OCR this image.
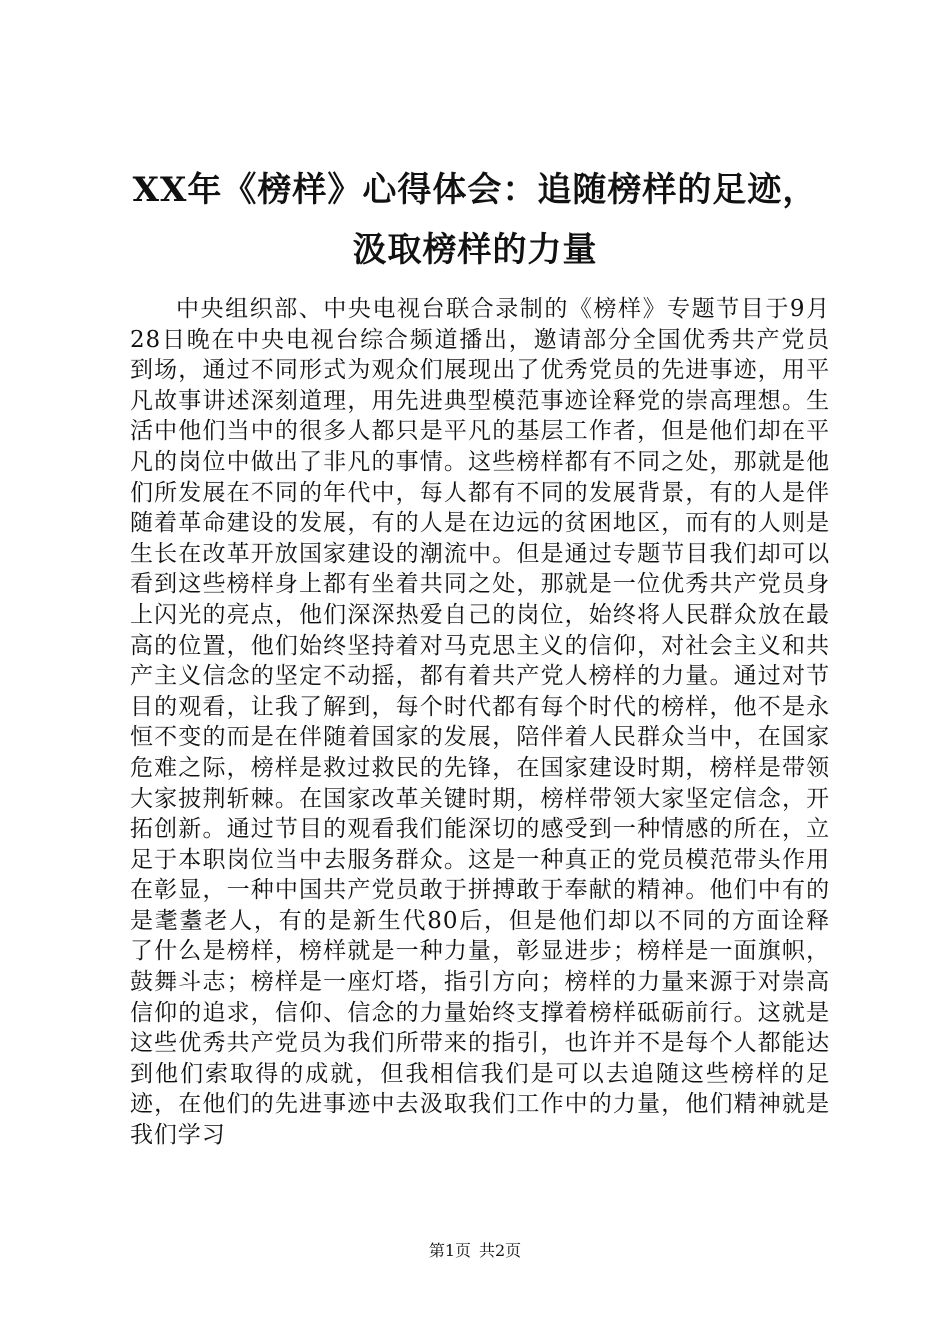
XX年《榜样》心得体会：追随榜样的足迹，
汲取榜样的力量

中央组织部、中央电视台联合录制的《榜样》专题节目于9月28日晚在中央电视台综合频道播出，邀请部分全国优秀共产党员到场，通过不同形式为观众们展现出了优秀党员的先进事迹，用平凡故事讲述深刻道理，用先进典型模范事迹诠释党的崇高理想。生活中他们当中的很多人都只是平凡的基层工作者，但是他们却在平凡的岗位中做出了非凡的事情。这些榜样都有不同之处，那就是他们所发展在不同的年代中，每人都有不同的发展背景，有的人是伴随着革命建设的发展，有的人是在边远的贫困地区，而有的人则是生长在改革开放国家建设的潮流中。但是通过专题节目我们却可以看到这些榜样身上都有坐着共同之处，那就是一位优秀共产党员身上闪光的亮点，他们深深热爱自己的岗位，始终将人民群众放在最高的位置，他们始终坚持着对马克思主义的信仰，对社会主义和共产主义信念的坚定不动摇，都有着共产党人榜样的力量。通过对节目的观看，让我了解到，每个时代都有每个时代的榜样，他不是永恒不变的而是在伴随着国家的发展，陪伴着人民群众当中，在国家危难之际，榜样是救过救民的先锋，在国家建设时期，榜样是带领大家披荆斩棘。在国家改革关键时期，榜样带领大家坚定信念，开拓创新。通过节目的观看我们能深切的感受到一种情感的所在，立足于本职岗位当中去服务群众。这是一种真正的党员模范带头作用在彰显，一种中国共产党员敢于拼搏敢于奉献的精神。他们中有的是耄耋老人，有的是新生代80后，但是他们却以不同的方面诠释了什么是榜样，榜样就是一种力量，彰显进步；榜样是一面旗帜，鼓舞斗志；榜样是一座灯塔，指引方向；榜样的力量来源于对崇高信仰的追求，信仰、信念的力量始终支撑着榜样砥砺前行。这就是这些优秀共产党员为我们所带来的指引，也许并不是每个人都能达到他们索取得的成就，但我相信我们是可以去追随这些榜样的足迹，在他们的先进事迹中去汲取我们工作中的力量，他们精神就是我们学习

第1页 共2页
